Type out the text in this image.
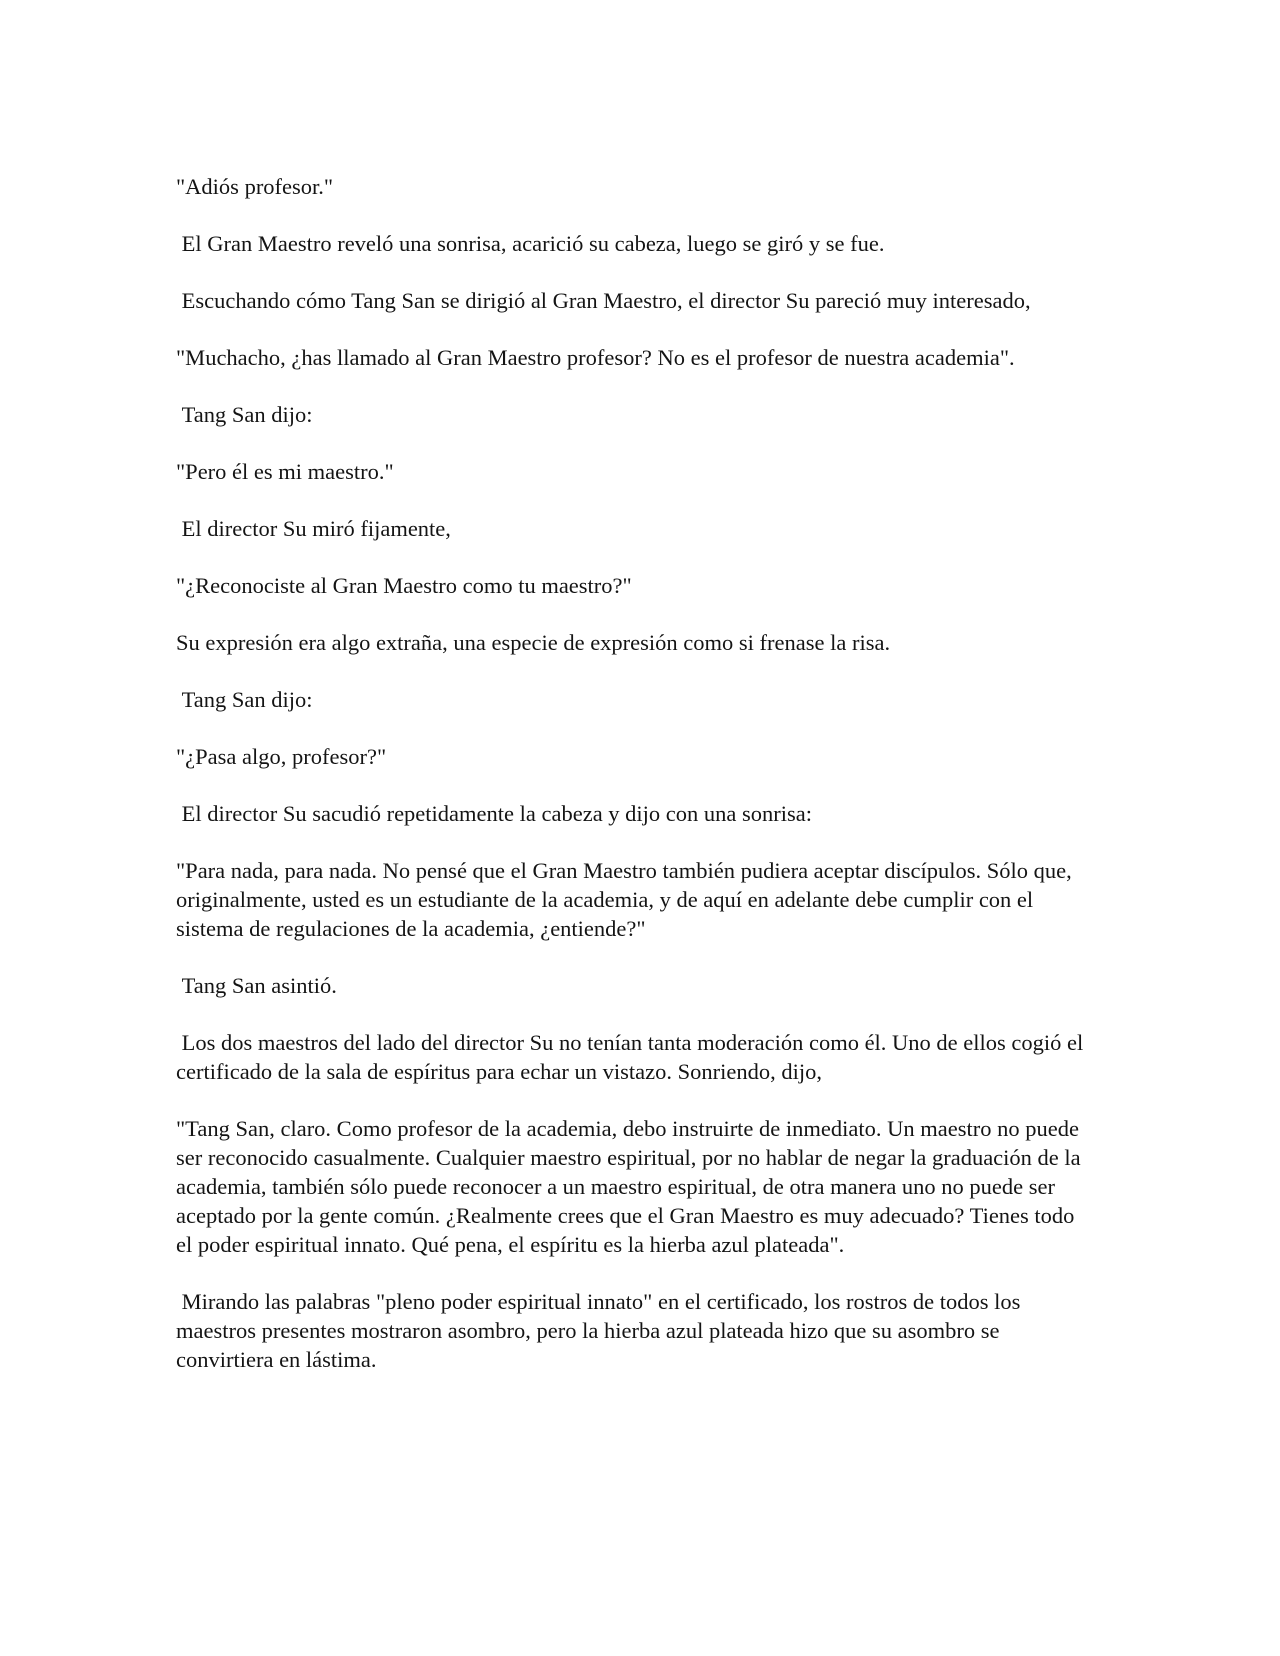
"Adiós profesor."

El Gran Maestro reveló una sonrisa, acarició su cabeza, luego se giró y se fue.

Escuchando cómo Tang San se dirigió al Gran Maestro, el director Su pareció muy interesado,

"Muchacho, ¿has llamado al Gran Maestro profesor? No es el profesor de nuestra academia".

Tang San dijo:

"Pero él es mi maestro."

El director Su miró fijamente,

"¿Reconociste al Gran Maestro como tu maestro?"

Su expresión era algo extraña, una especie de expresión como si frenase la risa.

Tang San dijo:

"¿Pasa algo, profesor?"

El director Su sacudió repetidamente la cabeza y dijo con una sonrisa:

"Para nada, para nada. No pensé que el Gran Maestro también pudiera aceptar discípulos. Sólo que, originalmente, usted es un estudiante de la academia, y de aquí en adelante debe cumplir con el sistema de regulaciones de la academia, ¿entiende?"

Tang San asintió.

Los dos maestros del lado del director Su no tenían tanta moderación como él. Uno de ellos cogió el certificado de la sala de espíritus para echar un vistazo. Sonriendo, dijo,

"Tang San, claro. Como profesor de la academia, debo instruirte de inmediato. Un maestro no puede ser reconocido casualmente. Cualquier maestro espiritual, por no hablar de negar la graduación de la academia, también sólo puede reconocer a un maestro espiritual, de otra manera uno no puede ser aceptado por la gente común. ¿Realmente crees que el Gran Maestro es muy adecuado? Tienes todo el poder espiritual innato. Qué pena, el espíritu es la hierba azul plateada".

Mirando las palabras "pleno poder espiritual innato" en el certificado, los rostros de todos los maestros presentes mostraron asombro, pero la hierba azul plateada hizo que su asombro se convirtiera en lástima.
